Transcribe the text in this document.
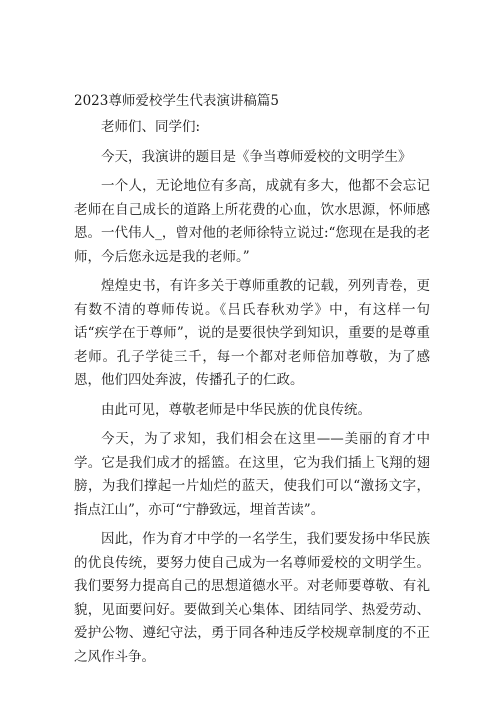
2023尊师爱校学生代表演讲稿篇5

老师们、同学们:

今天，我演讲的题目是《争当尊师爱校的文明学生》

一个人，无论地位有多高，成就有多大，他都不会忘记老师在自己成长的道路上所花费的心血，饮水思源，怀师感恩。一代伟人_，曾对他的老师徐特立说过:“您现在是我的老师，今后您永远是我的老师。”

煌煌史书，有许多关于尊师重教的记载，列列青卷，更有数不清的尊师传说。《吕氏春秋劝学》中，有这样一句话“疾学在于尊师”，说的是要很快学到知识，重要的是尊重老师。孔子学徒三千，每一个都对老师倍加尊敬，为了感恩，他们四处奔波，传播孔子的仁政。

由此可见，尊敬老师是中华民族的优良传统。

今天，为了求知，我们相会在这里——美丽的育才中学。它是我们成才的摇篮。在这里，它为我们插上飞翔的翅膀，为我们撑起一片灿烂的蓝天，使我们可以“激扬文字，指点江山”，亦可“宁静致远，埋首苦读”。

因此，作为育才中学的一名学生，我们要发扬中华民族的优良传统，要努力使自己成为一名尊师爱校的文明学生。我们要努力提高自己的思想道德水平。对老师要尊敬、有礼貌，见面要问好。要做到关心集体、团结同学、热爱劳动、爱护公物、遵纪守法，勇于同各种违反学校规章制度的不正之风作斗争。
